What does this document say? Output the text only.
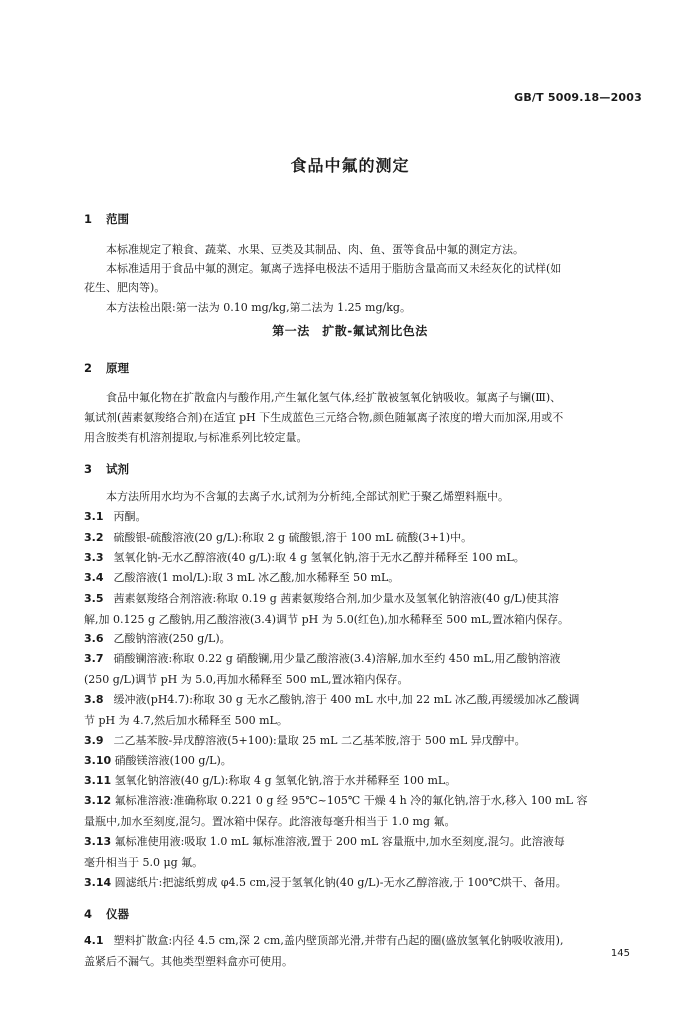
GB/T 5009.18—2003
食品中氟的测定
1 范围
本标准规定了粮食、蔬菜、水果、豆类及其制品、肉、鱼、蛋等食品中氟的测定方法。
本标准适用于食品中氟的测定。氟离子选择电极法不适用于脂肪含量高而又未经灰化的试样(如
花生、肥肉等)。
本方法检出限:第一法为 0.10 mg/kg,第二法为 1.25 mg/kg。
第一法　扩散-氟试剂比色法
2 原理
食品中氟化物在扩散盒内与酸作用,产生氟化氢气体,经扩散被氢氧化钠吸收。氟离子与镧(Ⅲ)、
氟试剂(茜素氨羧络合剂)在适宜 pH 下生成蓝色三元络合物,颜色随氟离子浓度的增大而加深,用或不
用含胺类有机溶剂提取,与标准系列比较定量。
3 试剂
本方法所用水均为不含氟的去离子水,试剂为分析纯,全部试剂贮于聚乙烯塑料瓶中。
3.1 丙酮。
3.2 硫酸银-硫酸溶液(20 g/L):称取 2 g 硫酸银,溶于 100 mL 硫酸(3+1)中。
3.3 氢氧化钠-无水乙醇溶液(40 g/L):取 4 g 氢氧化钠,溶于无水乙醇并稀释至 100 mL。
3.4 乙酸溶液(1 mol/L):取 3 mL 冰乙酸,加水稀释至 50 mL。
3.5 茜素氨羧络合剂溶液:称取 0.19 g 茜素氨羧络合剂,加少量水及氢氧化钠溶液(40 g/L)使其溶
解,加 0.125 g 乙酸钠,用乙酸溶液(3.4)调节 pH 为 5.0(红色),加水稀释至 500 mL,置冰箱内保存。
3.6 乙酸钠溶液(250 g/L)。
3.7 硝酸镧溶液:称取 0.22 g 硝酸镧,用少量乙酸溶液(3.4)溶解,加水至约 450 mL,用乙酸钠溶液
(250 g/L)调节 pH 为 5.0,再加水稀释至 500 mL,置冰箱内保存。
3.8 缓冲液(pH4.7):称取 30 g 无水乙酸钠,溶于 400 mL 水中,加 22 mL 冰乙酸,再缓缓加冰乙酸调
节 pH 为 4.7,然后加水稀释至 500 mL。
3.9 二乙基苯胺-异戊醇溶液(5+100):量取 25 mL 二乙基苯胺,溶于 500 mL 异戊醇中。
3.10 硝酸镁溶液(100 g/L)。
3.11 氢氧化钠溶液(40 g/L):称取 4 g 氢氧化钠,溶于水并稀释至 100 mL。
3.12 氟标准溶液:准确称取 0.221 0 g 经 95℃~105℃ 干燥 4 h 冷的氟化钠,溶于水,移入 100 mL 容
量瓶中,加水至刻度,混匀。置冰箱中保存。此溶液每毫升相当于 1.0 mg 氟。
3.13 氟标准使用液:吸取 1.0 mL 氟标准溶液,置于 200 mL 容量瓶中,加水至刻度,混匀。此溶液每
毫升相当于 5.0 μg 氟。
3.14 圆滤纸片:把滤纸剪成 φ4.5 cm,浸于氢氧化钠(40 g/L)-无水乙醇溶液,于 100℃烘干、备用。
4 仪器
4.1 塑料扩散盒:内径 4.5 cm,深 2 cm,盖内壁顶部光滑,并带有凸起的圈(盛放氢氧化钠吸收液用),
盖紧后不漏气。其他类型塑料盒亦可使用。
145
